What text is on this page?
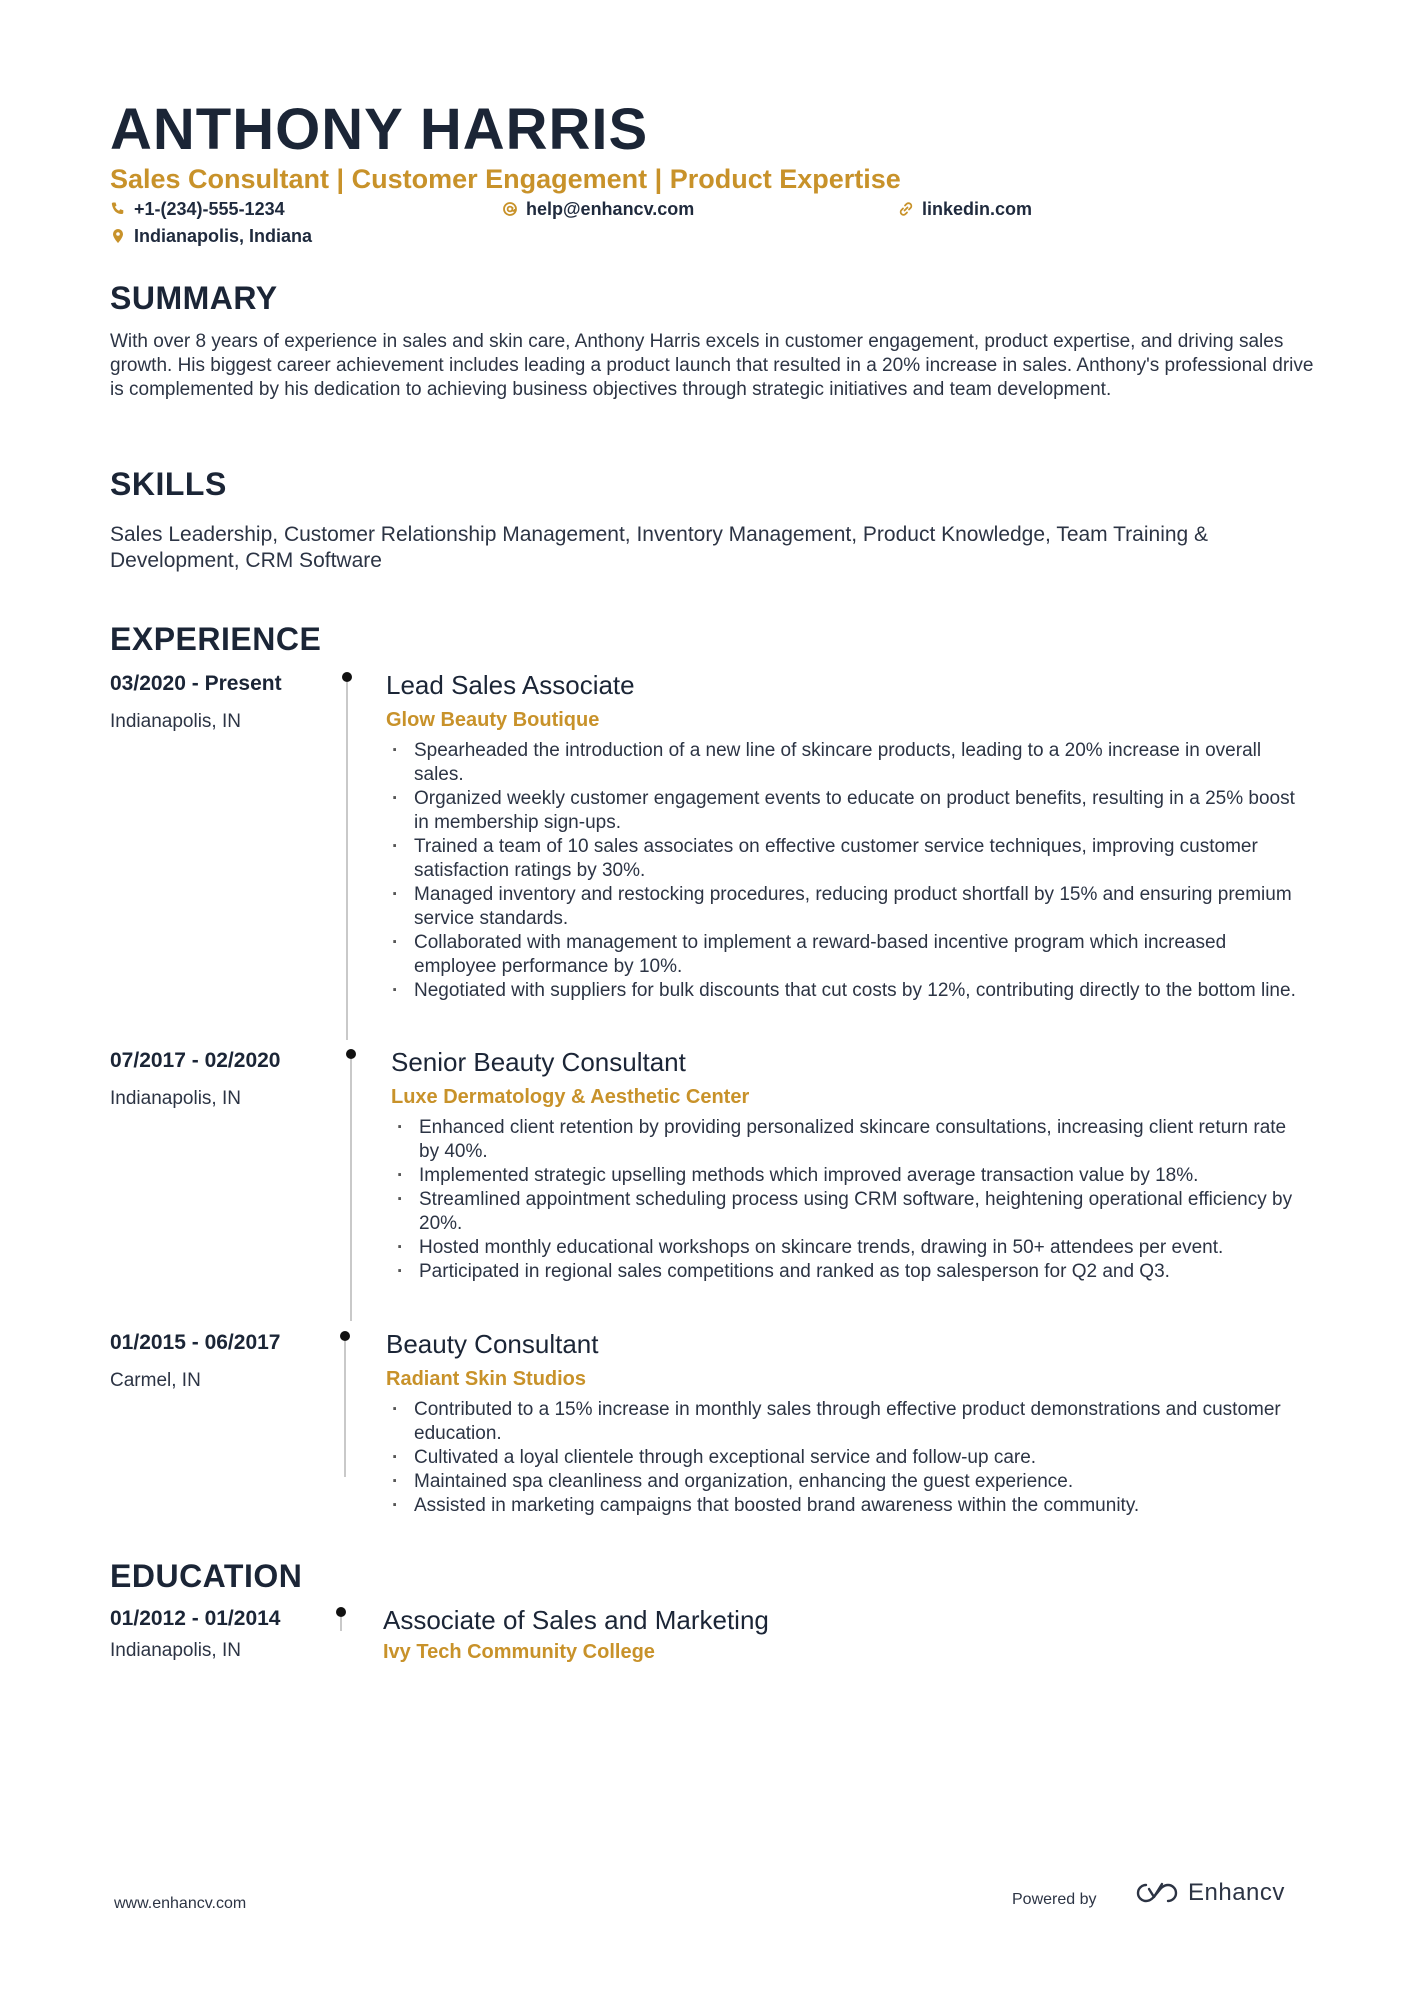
ANTHONY HARRIS
Sales Consultant | Customer Engagement | Product Expertise
+1-(234)-555-1234	help@enhancv.com	linkedin.com
Indianapolis, Indiana
SUMMARY
With over 8 years of experience in sales and skin care, Anthony Harris excels in customer engagement, product expertise, and driving sales growth. His biggest career achievement includes leading a product launch that resulted in a 20% increase in sales. Anthony's professional drive is complemented by his dedication to achieving business objectives through strategic initiatives and team development.
SKILLS
Sales Leadership, Customer Relationship Management, Inventory Management, Product Knowledge, Team Training & Development, CRM Software
EXPERIENCE
03/2020 - Present
Indianapolis, IN
Lead Sales Associate
Glow Beauty Boutique
· Spearheaded the introduction of a new line of skincare products, leading to a 20% increase in overall sales.
· Organized weekly customer engagement events to educate on product benefits, resulting in a 25% boost in membership sign-ups.
· Trained a team of 10 sales associates on effective customer service techniques, improving customer satisfaction ratings by 30%.
· Managed inventory and restocking procedures, reducing product shortfall by 15% and ensuring premium service standards.
· Collaborated with management to implement a reward-based incentive program which increased employee performance by 10%.
· Negotiated with suppliers for bulk discounts that cut costs by 12%, contributing directly to the bottom line.
07/2017 - 02/2020
Indianapolis, IN
Senior Beauty Consultant
Luxe Dermatology & Aesthetic Center
· Enhanced client retention by providing personalized skincare consultations, increasing client return rate by 40%.
· Implemented strategic upselling methods which improved average transaction value by 18%.
· Streamlined appointment scheduling process using CRM software, heightening operational efficiency by 20%.
· Hosted monthly educational workshops on skincare trends, drawing in 50+ attendees per event.
· Participated in regional sales competitions and ranked as top salesperson for Q2 and Q3.
01/2015 - 06/2017
Carmel, IN
Beauty Consultant
Radiant Skin Studios
· Contributed to a 15% increase in monthly sales through effective product demonstrations and customer education.
· Cultivated a loyal clientele through exceptional service and follow-up care.
· Maintained spa cleanliness and organization, enhancing the guest experience.
· Assisted in marketing campaigns that boosted brand awareness within the community.
EDUCATION
01/2012 - 01/2014
Indianapolis, IN
Associate of Sales and Marketing
Ivy Tech Community College
www.enhancv.com	Powered by	Enhancv
